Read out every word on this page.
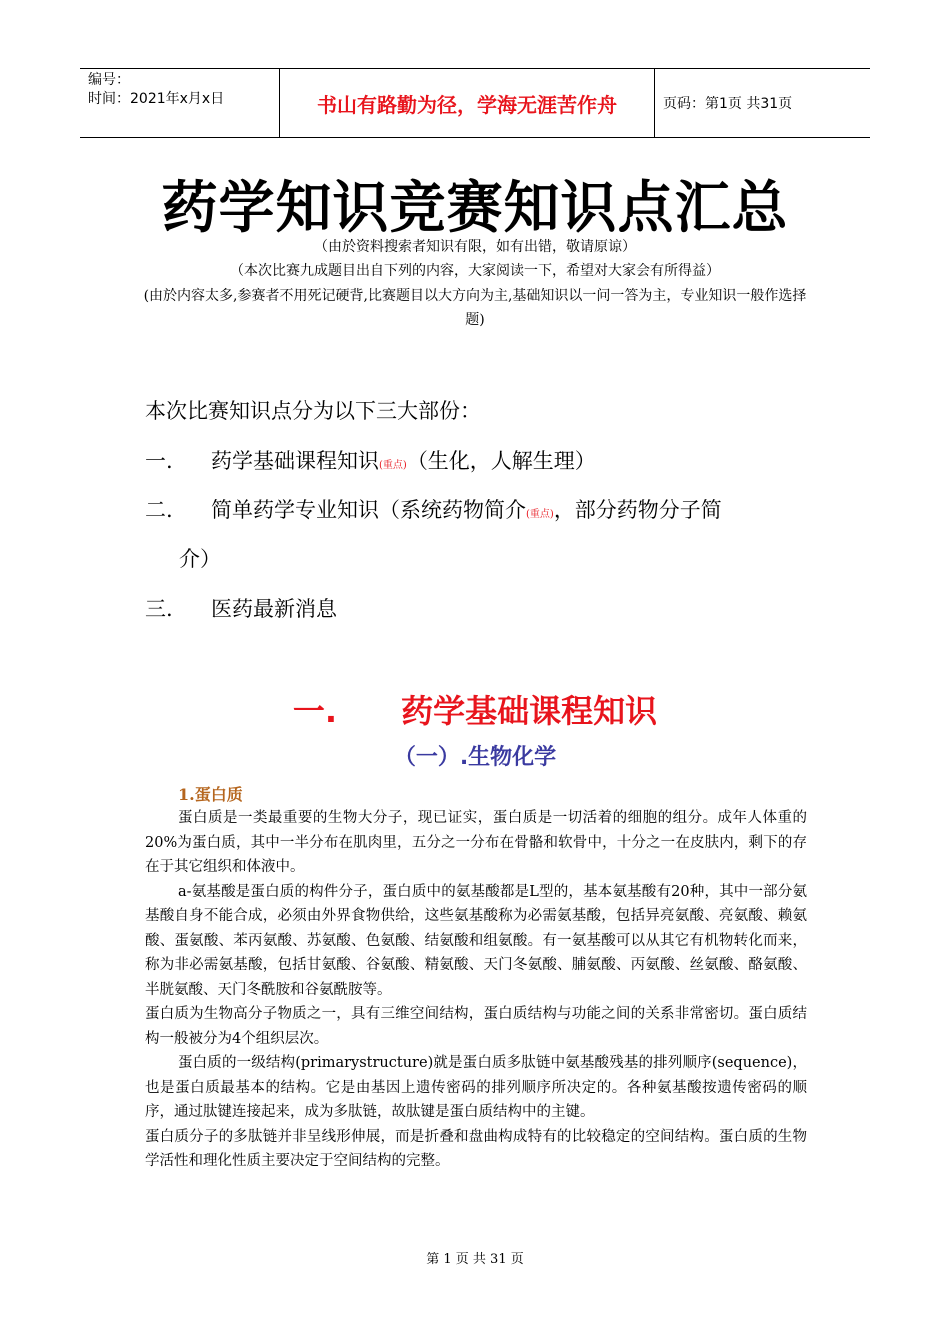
编号：
时间：2021年x月x日	书山有路勤为径，学海无涯苦作舟	页码：第1页 共31页
药学知识竞赛知识点汇总
（由於资料搜索者知识有限，如有出错，敬请原谅）
（本次比赛九成题目出自下列的内容，大家阅读一下，希望对大家会有所得益）
(由於内容太多,参赛者不用死记硬背,比赛题目以大方向为主,基础知识以一问一答为主，专业知识一般作选择题)
本次比赛知识点分为以下三大部份：
一. 药学基础课程知识(重点)（生化，人解生理）
二. 简单药学专业知识（系统药物简介(重点)，部分药物分子简
介）
三. 医药最新消息
一.　　药学基础课程知识
（一）.生物化学
1.蛋白质

蛋白质是一类最重要的生物大分子，现已证实，蛋白质是一切活着的细胞的组分。成年人体重的20%为蛋白质，其中一半分布在肌肉里，五分之一分布在骨骼和软骨中，十分之一在皮肤内，剩下的存在于其它组织和体液中。

a-氨基酸是蛋白质的构件分子，蛋白质中的氨基酸都是L型的，基本氨基酸有20种，其中一部分氨基酸自身不能合成，必须由外界食物供给，这些氨基酸称为必需氨基酸，包括异亮氨酸、亮氨酸、赖氨酸、蛋氨酸、苯丙氨酸、苏氨酸、色氨酸、结氨酸和组氨酸。有一氨基酸可以从其它有机物转化而来，称为非必需氨基酸，包括甘氨酸、谷氨酸、精氨酸、天门冬氨酸、脯氨酸、丙氨酸、丝氨酸、酪氨酸、半胱氨酸、天门冬酰胺和谷氨酰胺等。

蛋白质为生物高分子物质之一，具有三维空间结构，蛋白质结构与功能之间的关系非常密切。蛋白质结构一般被分为4个组织层次。

蛋白质的一级结构(primarystructure)就是蛋白质多肽链中氨基酸残基的排列顺序(sequence)，也是蛋白质最基本的结构。它是由基因上遗传密码的排列顺序所决定的。各种氨基酸按遗传密码的顺序，通过肽键连接起来，成为多肽链，故肽键是蛋白质结构中的主键。

蛋白质分子的多肽链并非呈线形伸展，而是折叠和盘曲构成特有的比较稳定的空间结构。蛋白质的生物学活性和理化性质主要决定于空间结构的完整。

第 1 页 共 31 页
